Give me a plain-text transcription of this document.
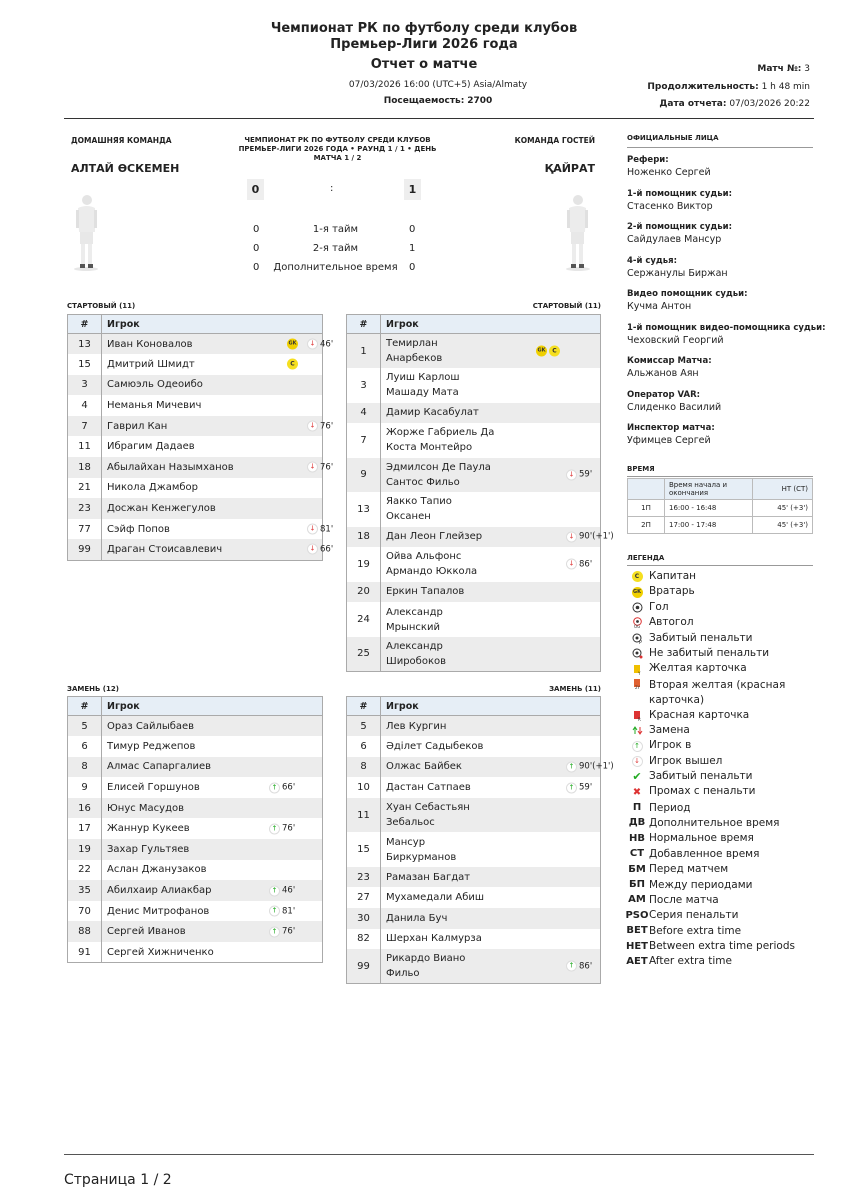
Чемпионат РК по футболу среди клубов
Премьер-Лиги 2026 года
Отчет о матче
07/03/2026 16:00 (UTC+5) Asia/Almaty
Посещаемость: 2700
Матч №: 3
Продолжительность: 1 h 48 min
Дата отчета: 07/03/2026 20:22
ДОМАШНЯЯ КОМАНДА	КОМАНДА ГОСТЕЙ
ЧЕМПИОНАТ РК ПО ФУТБОЛУ СРЕДИ КЛУБОВ
ПРЕМЬЕР-ЛИГИ 2026 ГОДА • РАУНД 1 / 1 • ДЕНЬ
МАТЧА 1 / 2
АЛТАЙ ӨСКЕМЕН	ҚАЙРАТ
0	:	1
0	1-я тайм	0
0	2-я тайм	1
0	Дополнительное время	0
СТАРТОВЫЙ (11)	СТАРТОВЫЙ (11)
ЗАМЕНЬ (12)	ЗАМЕНЬ (11)
#	Игрок
13	Иван Коновалов GK ↓ 46'

15	Дмитрий Шмидт C

3	Самюэль Одеоибо

4	Неманья Мичевич

7	Гаврил Кан ↓ 76'

11	Ибрагим Дадаев

18	Абылайхан Назымханов ↓ 76'

21	Никола Джамбор

23	Досжан Кенжегулов

77	Сэйф Попов ↓ 81'

99	Драган Стоисавлевич ↓ 66'
#	Игрок
1	Темирлан
Анарбеков
GK C

3	Луиш Карлош
Машаду Мата

4	Дамир Касабулат

7	Жорже Габриель Да
Коста Монтейро

9	Эдмилсон Де Паула
Сантос Фильо
↓ 59'

13	Яакко Тапио
Оксанен

18	Дан Леон Глейзер ↓ 90'(+1')

19	Ойва Альфонс
Армандо Юккола
↓ 86'

20	Еркин Тапалов

24	Александр
Мрынский

25	Александр
Широбоков
#	Игрок
5	Ораз Сайлыбаев

6	Тимур Реджепов

8	Алмас Сапаргалиев

9	Елисей Горшунов ↑ 66'

16	Юнус Масудов

17	Жаннур Кукеев ↑ 76'

19	Захар Гультяев

22	Аслан Джанузаков

35	Абилхаир Алиакбар ↑ 46'

70	Денис Митрофанов ↑ 81'

88	Сергей Иванов ↑ 76'

91	Сергей Хижниченко
#	Игрок
5	Лев Кургин

6	Әділет Садыбеков

8	Олжас Байбек ↑ 90'(+1')

10	Дастан Сатпаев ↑ 59'

11	Хуан Себастьян
Зебальос

15	Мансур
Биркурманов

23	Рамазан Багдат

27	Мухамедали Абиш

30	Данила Буч

82	Шерхан Калмурза

99	Рикардо Виано
Фильо
↑ 86'
ОФИЦИАЛЬНЫЕ ЛИЦА
Рефери:
Ноженко Сергей
1-й помощник судьи:
Стасенко Виктор
2-й помощник судьи:
Сайдулаев Мансур
4-й судья:
Сержанулы Биржан
Видео помощник судьи:
Кучма Антон
1-й помощник видео-помощника судьи:
Чеховский Георгий
Комиссар Матча:
Альжанов Аян
Оператор VAR:
Слиденко Василий
Инспектор матча:
Уфимцев Сергей
ВРЕМЯ
	Время начала и окончания	HT (CT)
1П	16:00 - 16:48	45' (+3')
2П	17:00 - 17:48	45' (+3')
ЛЕГЕНДА
C Капитан
GK Вратарь
Гол
OG Автогол
P Забитый пенальти
Не забитый пенальти
Y Желтая карточка
2Y Вторая желтая (красная
карточка)
R Красная карточка
Замена
↑ Игрок в
↓ Игрок вышел
✔ Забитый пенальти
✖ Промах с пенальти
П Период
ДВ Дополнительное время
НВ Нормальное время
СТ Добавленное время
БМ Перед матчем
БП Между периодами
АМ После матча
PSO Серия пенальти
BET Before extra time
HET Between extra time periods
AET After extra time
Страница 1 / 2
